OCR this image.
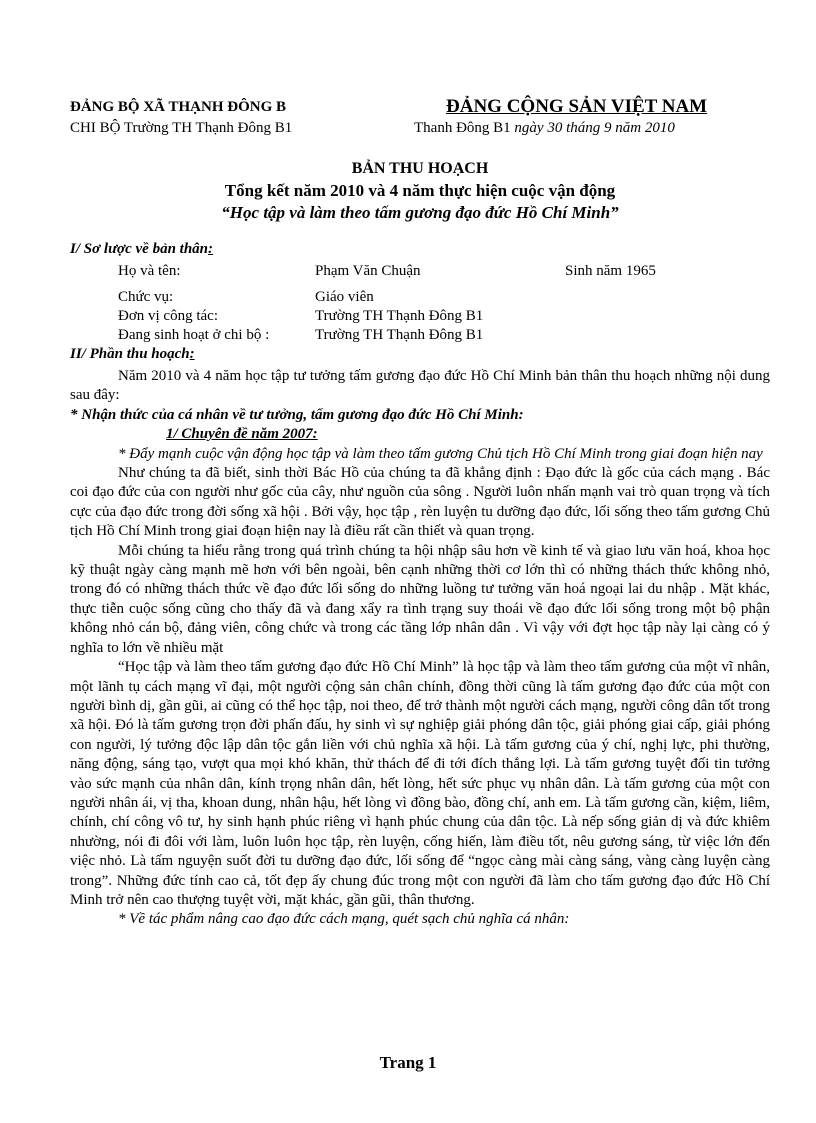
ĐẢNG BỘ XÃ THẠNH ĐÔNG B
CHI BỘ Trường TH Thạnh Đông B1
ĐẢNG CỘNG SẢN VIỆT NAM
Thanh Đông B1 ngày 30 tháng 9 năm 2010
BẢN THU HOẠCH
Tổng kết năm 2010 và 4 năm thực hiện cuộc vận động
“Học tập và làm theo tấm gương đạo đức Hồ Chí Minh”
I/ Sơ lược về bản thân:
Họ và tên:	Phạm Văn Chuận	Sinh năm 1965
Chức vụ:	Giáo viên
Đơn vị công tác:	Trường TH Thạnh Đông B1
Đang sinh hoạt ở chi bộ :	Trường TH Thạnh Đông B1
II/ Phần thu hoạch:

Năm 2010 và 4 năm học tập tư tưởng tấm gương đạo đức Hồ Chí Minh bản thân thu hoạch những nội dung sau đây:

* Nhận thức của cá nhân về tư tưởng, tấm gương đạo đức Hồ Chí Minh:

1/ Chuyên đề năm 2007:

* Đẩy mạnh cuộc vận động học tập và làm theo tấm gương Chủ tịch Hồ Chí Minh trong giai đoạn hiện nay

Như chúng ta đã biết, sinh thời Bác Hồ của chúng ta đã khẳng định : Đạo đức là gốc của cách mạng . Bác coi đạo đức của con người như gốc của cây, như nguồn của sông . Người luôn nhấn mạnh vai trò quan trọng và tích cực của đạo đức trong đời sống xã hội . Bởi vậy, học tập , rèn luyện tu dưỡng đạo đức, lối sống theo tấm gương Chủ tịch Hồ Chí Minh trong giai đoạn hiện nay là điều rất cần thiết và quan trọng.

Mỗi chúng ta hiểu rằng trong quá trình chúng ta hội nhập sâu hơn về kinh tế và giao lưu văn hoá, khoa học kỹ thuật ngày càng mạnh mẽ hơn với bên ngoài, bên cạnh những thời cơ lớn thì có những thách thức không nhỏ, trong đó có những thách thức về đạo đức lối sống do những luồng tư tưởng văn hoá ngoại lai du nhập . Mặt khác, thực tiễn cuộc sống cũng cho thấy đã và đang xẩy ra tình trạng suy thoái về đạo đức lối sống trong một bộ phận không nhỏ cán bộ, đảng viên, công chức và trong các tầng lớp nhân dân . Vì vậy với đợt học tập này lại càng có ý nghĩa to lớn về nhiều mặt

“Học tập và làm theo tấm gương đạo đức Hồ Chí Minh” là học tập và làm theo tấm gương của một vĩ nhân, một lãnh tụ cách mạng vĩ đại, một người cộng sản chân chính, đồng thời cũng là tấm gương đạo đức của một con người bình dị, gần gũi, ai cũng có thể học tập, noi theo, để trở thành một người cách mạng, người công dân tốt trong xã hội. Đó là tấm gương trọn đời phấn đấu, hy sinh vì sự nghiệp giải phóng dân tộc, giải phóng giai cấp, giải phóng con người, lý tưởng độc lập dân tộc gắn liền với chủ nghĩa xã hội. Là tấm gương của ý chí, nghị lực, phi thường, năng động, sáng tạo, vượt qua mọi khó khăn, thử thách để đi tới đích thắng lợi. Là tấm gương tuyệt đối tin tưởng vào sức mạnh của nhân dân, kính trọng nhân dân, hết lòng, hết sức phục vụ nhân dân. Là tấm gương của một con người nhân ái, vị tha, khoan dung, nhân hậu, hết lòng vì đồng bào, đồng chí, anh em. Là tấm gương cần, kiệm, liêm, chính, chí công vô tư, hy sinh hạnh phúc riêng vì hạnh phúc chung của dân tộc. Là nếp sống giản dị và đức khiêm nhường, nói đi đôi với làm, luôn luôn học tập, rèn luyện, cống hiến, làm điều tốt, nêu gương sáng, từ việc lớn đến việc nhỏ. Là tấm nguyện suốt đời tu dưỡng đạo đức, lối sống để “ngọc càng mài càng sáng, vàng càng luyện càng trong”. Những đức tính cao cả, tốt đẹp ấy chung đúc trong một con người đã làm cho tấm gương đạo đức Hồ Chí Minh trở nên cao thượng tuyệt vời, mặt khác, gần gũi, thân thương.

* Về tác phẩm nâng cao đạo đức cách mạng, quét sạch chủ nghĩa cá nhân:

Trang 1
